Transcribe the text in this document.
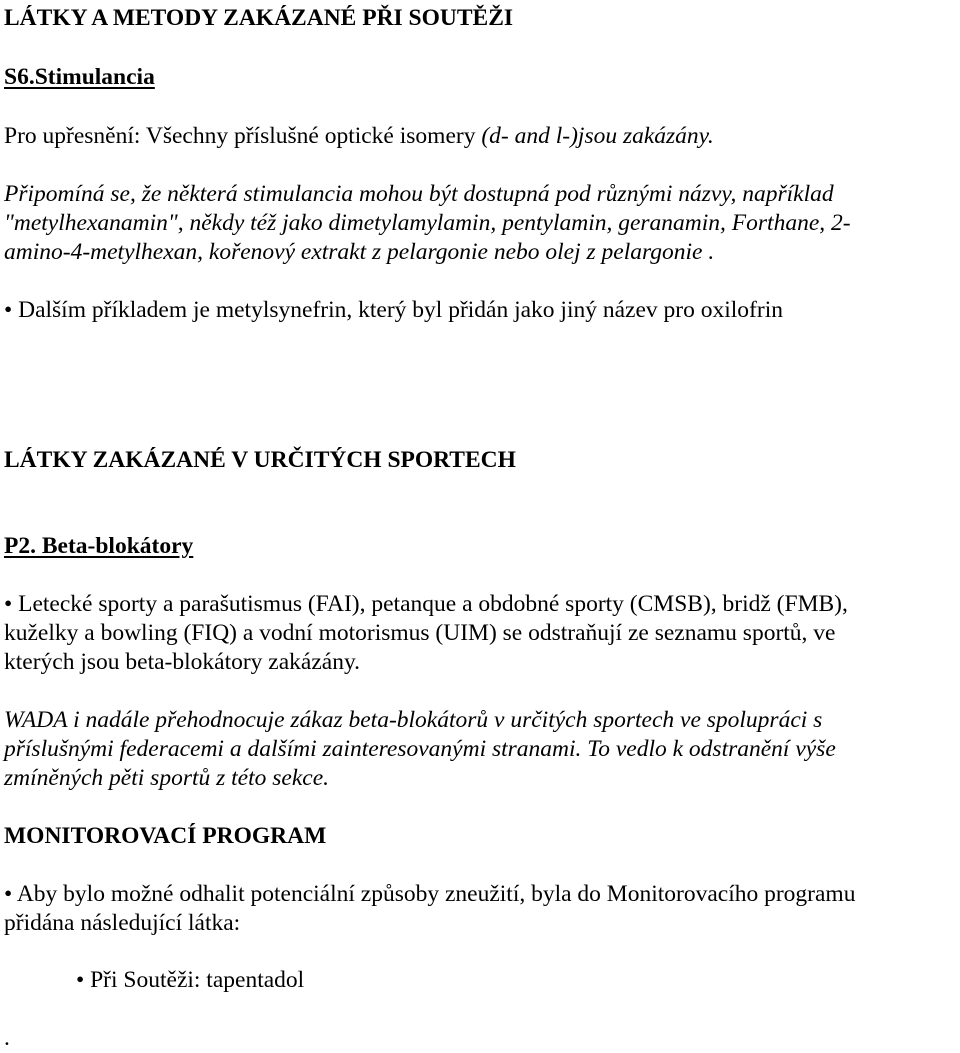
LÁTKY A METODY ZAKÁZANÉ PŘI SOUTĚŽI

S6.Stimulancia

Pro upřesnění: Všechny příslušné optické isomery (d- and l-)jsou zakázány.

Připomíná se, že některá stimulancia mohou být dostupná pod různými názvy, například

"metylhexanamin", někdy též jako dimetylamylamin, pentylamin, geranamin, Forthane, 2-

amino-4-metylhexan, kořenový extrakt z pelargonie nebo olej z pelargonie .

• Dalším příkladem je metylsynefrin, který byl přidán jako jiný název pro oxilofrin

LÁTKY ZAKÁZANÉ V URČITÝCH SPORTECH

P2. Beta-blokátory

• Letecké sporty a parašutismus (FAI), petanque a obdobné sporty (CMSB), bridž (FMB),

kuželky a bowling (FIQ) a vodní motorismus (UIM) se odstraňují ze seznamu sportů, ve

kterých jsou beta-blokátory zakázány.

WADA i nadále přehodnocuje zákaz beta-blokátorů v určitých sportech ve spolupráci s

příslušnými federacemi a dalšími zainteresovanými stranami. To vedlo k odstranění výše

zmíněných pěti sportů z této sekce.

MONITOROVACÍ PROGRAM

• Aby bylo možné odhalit potenciální způsoby zneužití, byla do Monitorovacího programu

přidána následující látka:

• Při Soutěži: tapentadol

.
